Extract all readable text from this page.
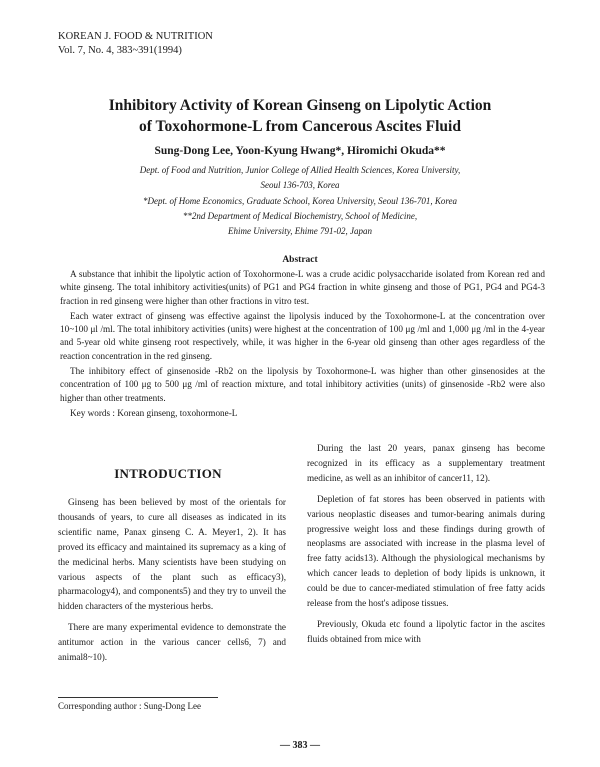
KOREAN J. FOOD & NUTRITION
Vol. 7, No. 4, 383~391(1994)
Inhibitory Activity of Korean Ginseng on Lipolytic Action
of Toxohormone-L from Cancerous Ascites Fluid
Sung-Dong Lee, Yoon-Kyung Hwang*, Hiromichi Okuda**
Dept. of Food and Nutrition, Junior College of Allied Health Sciences, Korea University,
Seoul 136-703, Korea
*Dept. of Home Economics, Graduate School, Korea University, Seoul 136-701, Korea
**2nd Department of Medical Biochemistry, School of Medicine,
Ehime University, Ehime 791-02, Japan
Abstract

A substance that inhibit the lipolytic action of Toxohormone-L was a crude acidic polysaccharide isolated from Korean red and white ginseng. The total inhibitory activities(units) of PG1 and PG4 fraction in white ginseng and those of PG1, PG4 and PG4-3 fraction in red ginseng were higher than other fractions in vitro test.

Each water extract of ginseng was effective against the lipolysis induced by the Toxohormone-L at the concentration over 10~100 μl /ml. The total inhibitory activities (units) were highest at the concentration of 100 μg /ml and 1,000 μg /ml in the 4-year and 5-year old white ginseng root respectively, while, it was higher in the 6-year old ginseng than other ages regardless of the reaction concentration in the red ginseng.

The inhibitory effect of ginsenoside -Rb2 on the lipolysis by Toxohormone-L was higher than other ginsenosides at the concentration of 100 μg to 500 μg /ml of reaction mixture, and total inhibitory activities (units) of ginsenoside -Rb2 were also higher than other treatments.

Key words : Korean ginseng, toxohormone-L

INTRODUCTION

Ginseng has been believed by most of the orientals for thousands of years, to cure all diseases as indicated in its scientific name, Panax ginseng C. A. Meyer1, 2). It has proved its efficacy and maintained its supremacy as a king of the medicinal herbs. Many scientists have been studying on various aspects of the plant such as efficacy3), pharmacology4), and components5) and they try to unveil the hidden characters of the mysterious herbs.

There are many experimental evidence to demonstrate the antitumor action in the various cancer cells6, 7) and animal8~10).

During the last 20 years, panax ginseng has become recognized in its efficacy as a supplementary treatment medicine, as well as an inhibitor of cancer11, 12).

Depletion of fat stores has been observed in patients with various neoplastic diseases and tumor-bearing animals during progressive weight loss and these findings during growth of neoplasms are associated with increase in the plasma level of free fatty acids13). Although the physiological mechanisms by which cancer leads to depletion of body lipids is unknown, it could be due to cancer-mediated stimulation of free fatty acids release from the host's adipose tissues.

Previously, Okuda etc found a lipolytic factor in the ascites fluids obtained from mice with

Corresponding author : Sung-Dong Lee
— 383 —
